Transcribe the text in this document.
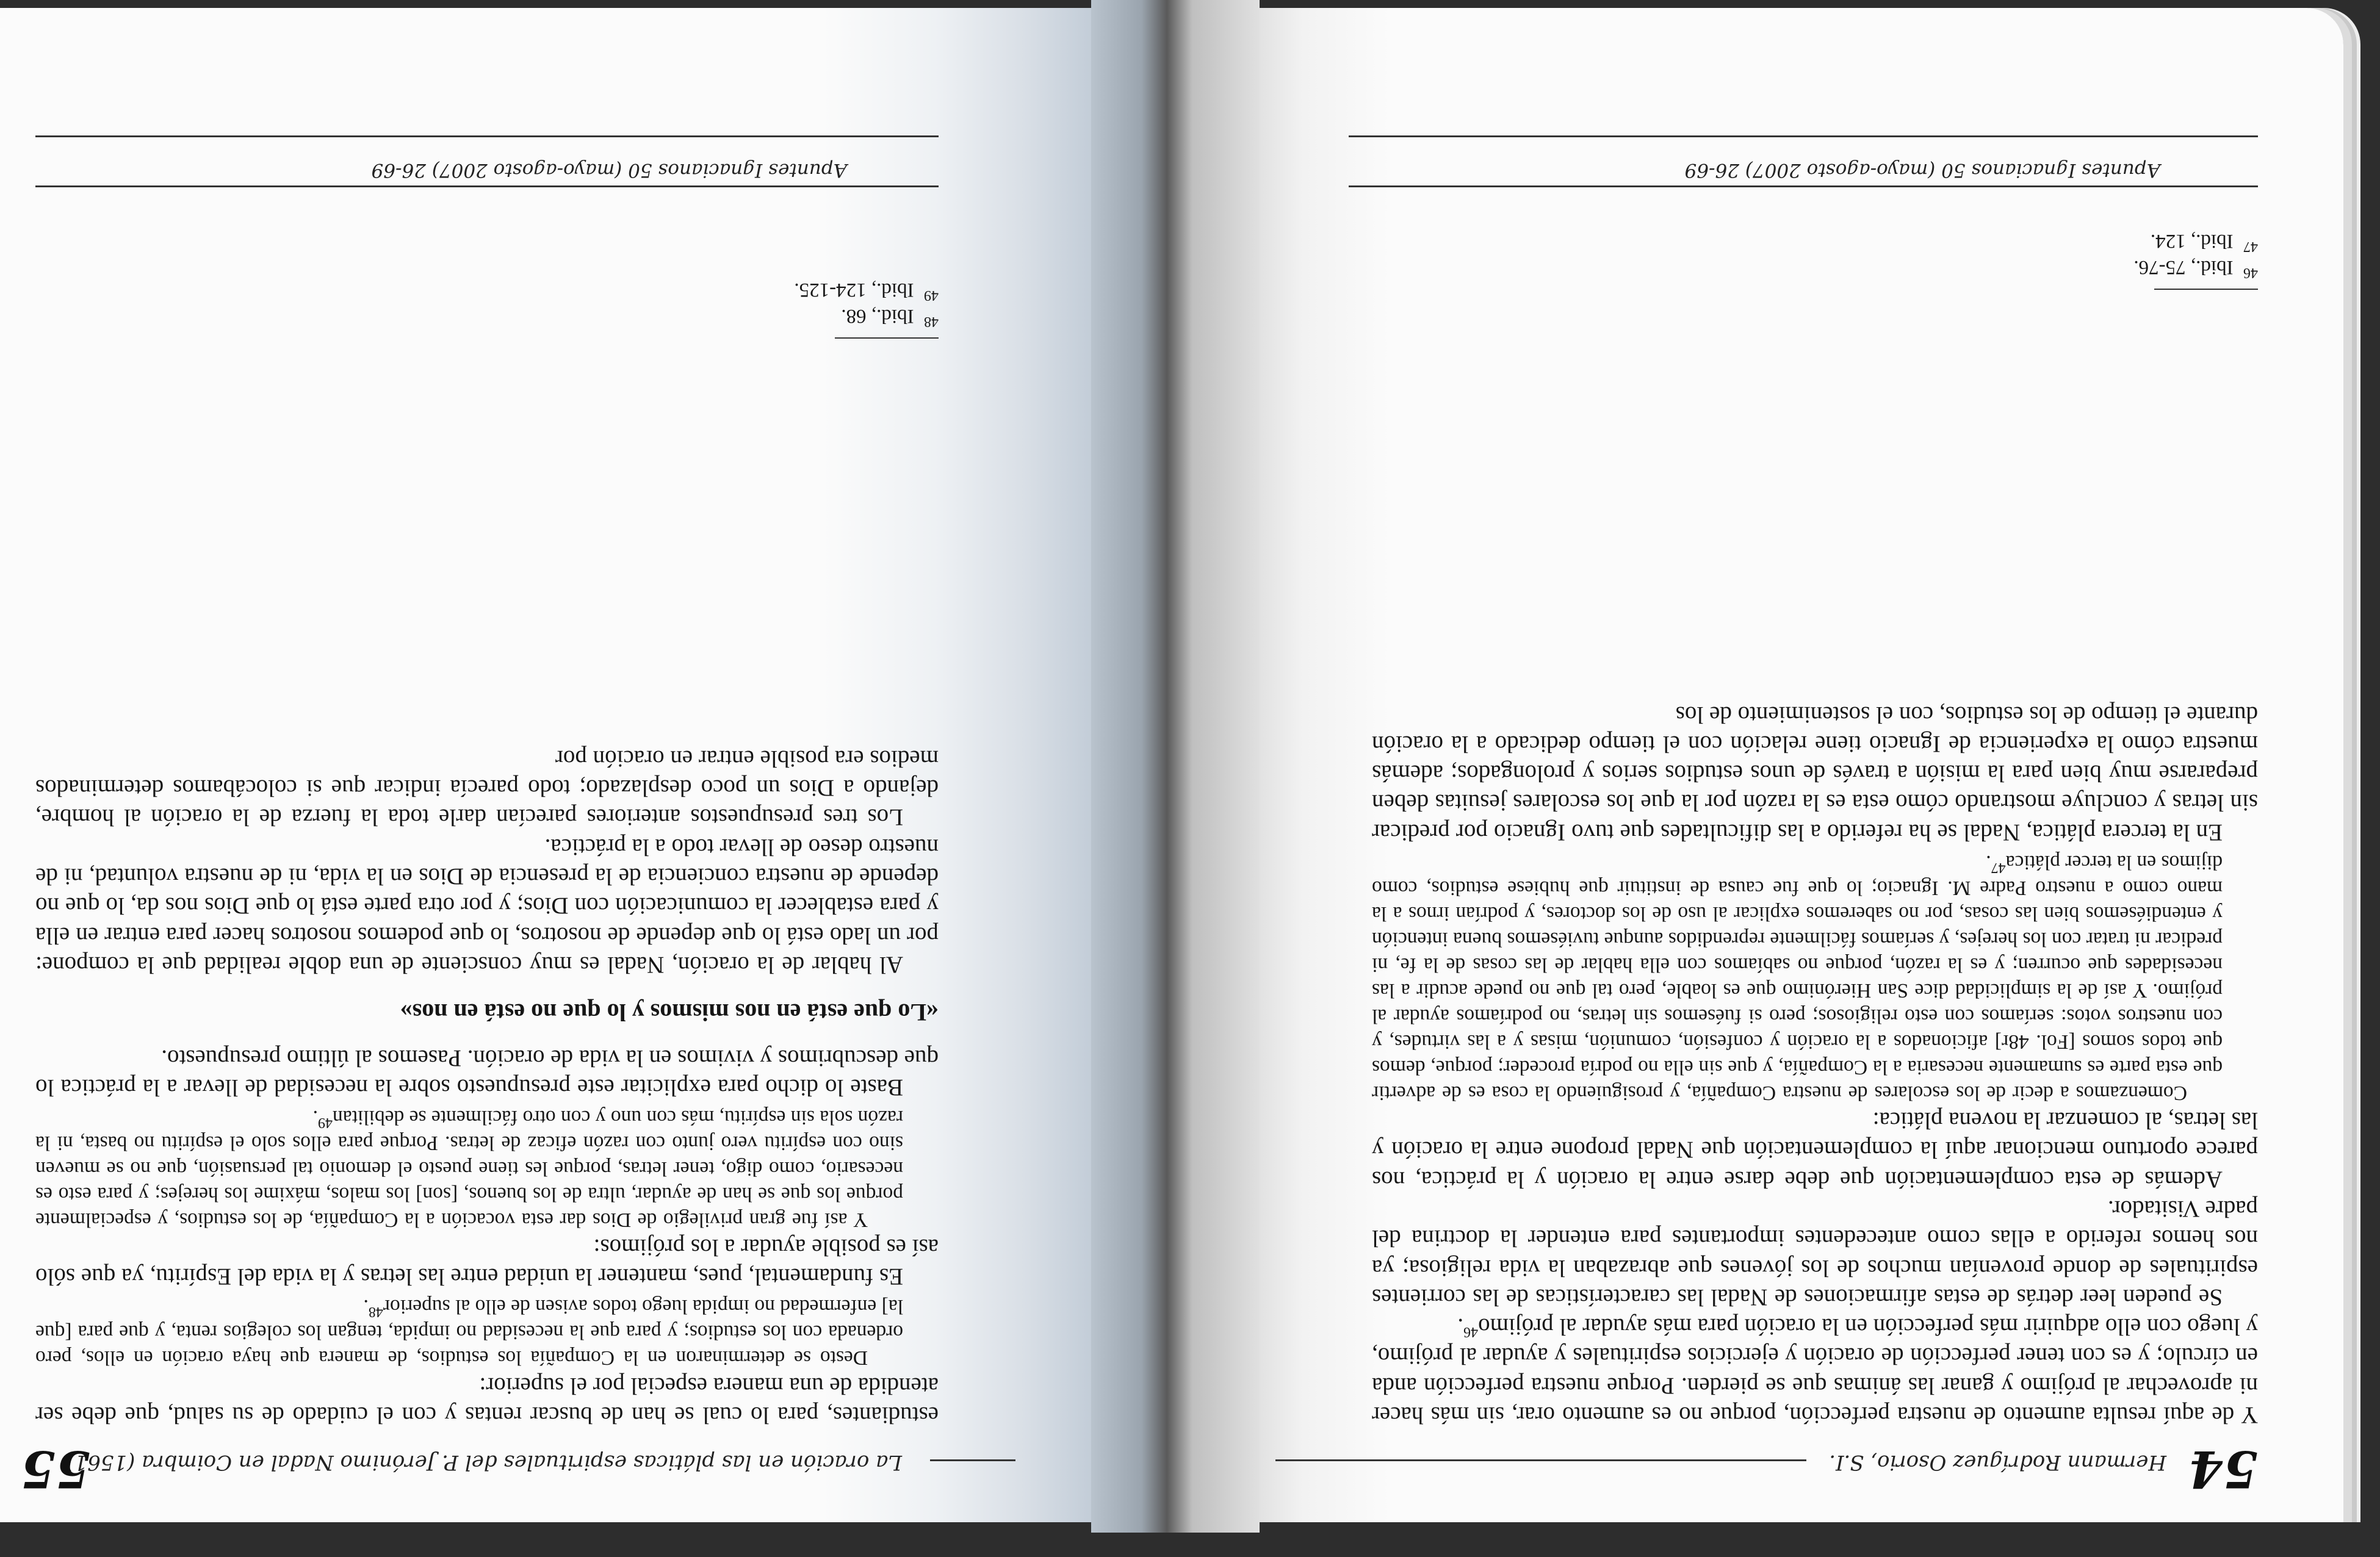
54
Hermann Rodríguez Osorio, S.I.

Y de aquí resulta aumento de nuestra perfección, porque no es aumento orar, sin más hacer ni aprovechar al prójimo y ganar las ánimas que se pierden. Porque nuestra perfección anda en círculo; y es con tener perfección de oración y ejercicios espirituales y ayudar al prójimo, y luego con ello adquirir más perfección en la oración para más ayudar al prójimo$^{46}$.

Se pueden leer detrás de estas afirmaciones de Nadal las características de las corrientes espirituales de donde provenían muchos de los jóvenes que abrazaban la vida religiosa; ya nos hemos referido a ellas como antecedentes importantes para entender la doctrina del padre Visitador.

Además de esta complementación que debe darse entre la oración y la práctica, nos parece oportuno mencionar aquí la complementación que Nadal propone entre la oración y las letras, al comenzar la novena plática:

Comenzamos a decir de los escolares de nuestra Compañía, y prosiguiendo la cosa es de advertir que esta parte es sumamente necesaria a la Compañía, y que sin ella no podría proceder; porque, demos que todos somos [Fol. 48r] aficionados a la oración y confesión, comunión, misas y a las virtudes, y con nuestros votos: seríamos con esto religiosos; pero si fuésemos sin letras, no podríamos ayudar al prójimo. Y así de la simplicidad dice San Hierónimo que es loable, pero tal que no puede acudir a las necesidades que ocurren; y es la razón, porque no sabíamos con ella hablar de las cosas de la fe, ni predicar ni tratar con los herejes, y seríamos fácilmente reprendidos aunque tuviésemos buena intención y entendiésemos bien las cosas, por no saberemos explicar al uso de los doctores, y podrían irnos a la mano como a nuestro Padre M. Ignacio; lo que fue causa de instituir que hubiese estudios, como dijimos en la tercer plática$^{47}$.

En la tercera plática, Nadal se ha referido a las dificultades que tuvo Ignacio por predicar sin letras y concluye mostrando cómo esta es la razón por la que los escolares jesuitas deben prepararse muy bien para la misión a través de unos estudios serios y prolongados; además muestra cómo la experiencia de Ignacio tiene relación con el tiempo dedicado a la oración durante el tiempo de los estudios, con el sostenimiento de los

$^{46}$  Ibid., 75-76.
$^{47}$  Ibid., 124.
Apuntes Ignacianos 50 (mayo-agosto 2007) 26-69
La oración en las pláticas espirituales del P. Jerónimo Nadal en Coimbra (1561)
55

estudiantes, para lo cual se han de buscar rentas y con el cuidado de su salud, que debe ser atendida de una manera especial por el superior:

Desto se determinaron en la Compañía los estudios, de manera que haya oración en ellos, pero ordenada con los estudios; y para que la necesidad no impida, tengan los colegios renta, y que para [que la] enfermedad no impida luego todos avisen de ello al superior$^{48}$.

Es fundamental, pues, mantener la unidad entre las letras y la vida del Espíritu, ya que sólo así es posible ayudar a los prójimos:

Y así fue gran privilegio de Dios dar esta vocación a la Compañía, de los estudios, y especialmente porque los que se han de ayudar, ultra de los buenos, [son] los malos, máxime los herejes; y para esto es necesario, como digo, tener letras, porque les tiene puesto el demonio tal persuasión, que no se mueven sino con espíritu vero junto con razón eficaz de letras. Porque para ellos solo el espíritu no basta, ni la razón sola sin espíritu, más con uno y con otro fácilmente se debilitan$^{49}$.

Baste lo dicho para explicitar este presupuesto sobre la necesidad de llevar a la práctica lo que descubrimos y vivimos en la vida de oración. Pasemos al último presupuesto.

«Lo que está en nos mismos y lo que no está en nos»

Al hablar de la oración, Nadal es muy consciente de una doble realidad que la compone: por un lado está lo que depende de nosotros, lo que podemos nosotros hacer para entrar en ella y para establecer la comunicación con Dios; y por otra parte está lo que Dios nos da, lo que no depende de nuestra conciencia de la presencia de Dios en la vida, ni de nuestra voluntad, ni de nuestro deseo de llevar todo a la práctica.

Los tres presupuestos anteriores parecían darle toda la fuerza de la oración al hombre, dejando a Dios un poco desplazado; todo parecía indicar que si colocábamos determinados medios era posible entrar en oración por

$^{48}$  Ibid., 68.
$^{49}$  Ibid., 124-125.
Apuntes Ignacianos 50 (mayo-agosto 2007) 26-69
